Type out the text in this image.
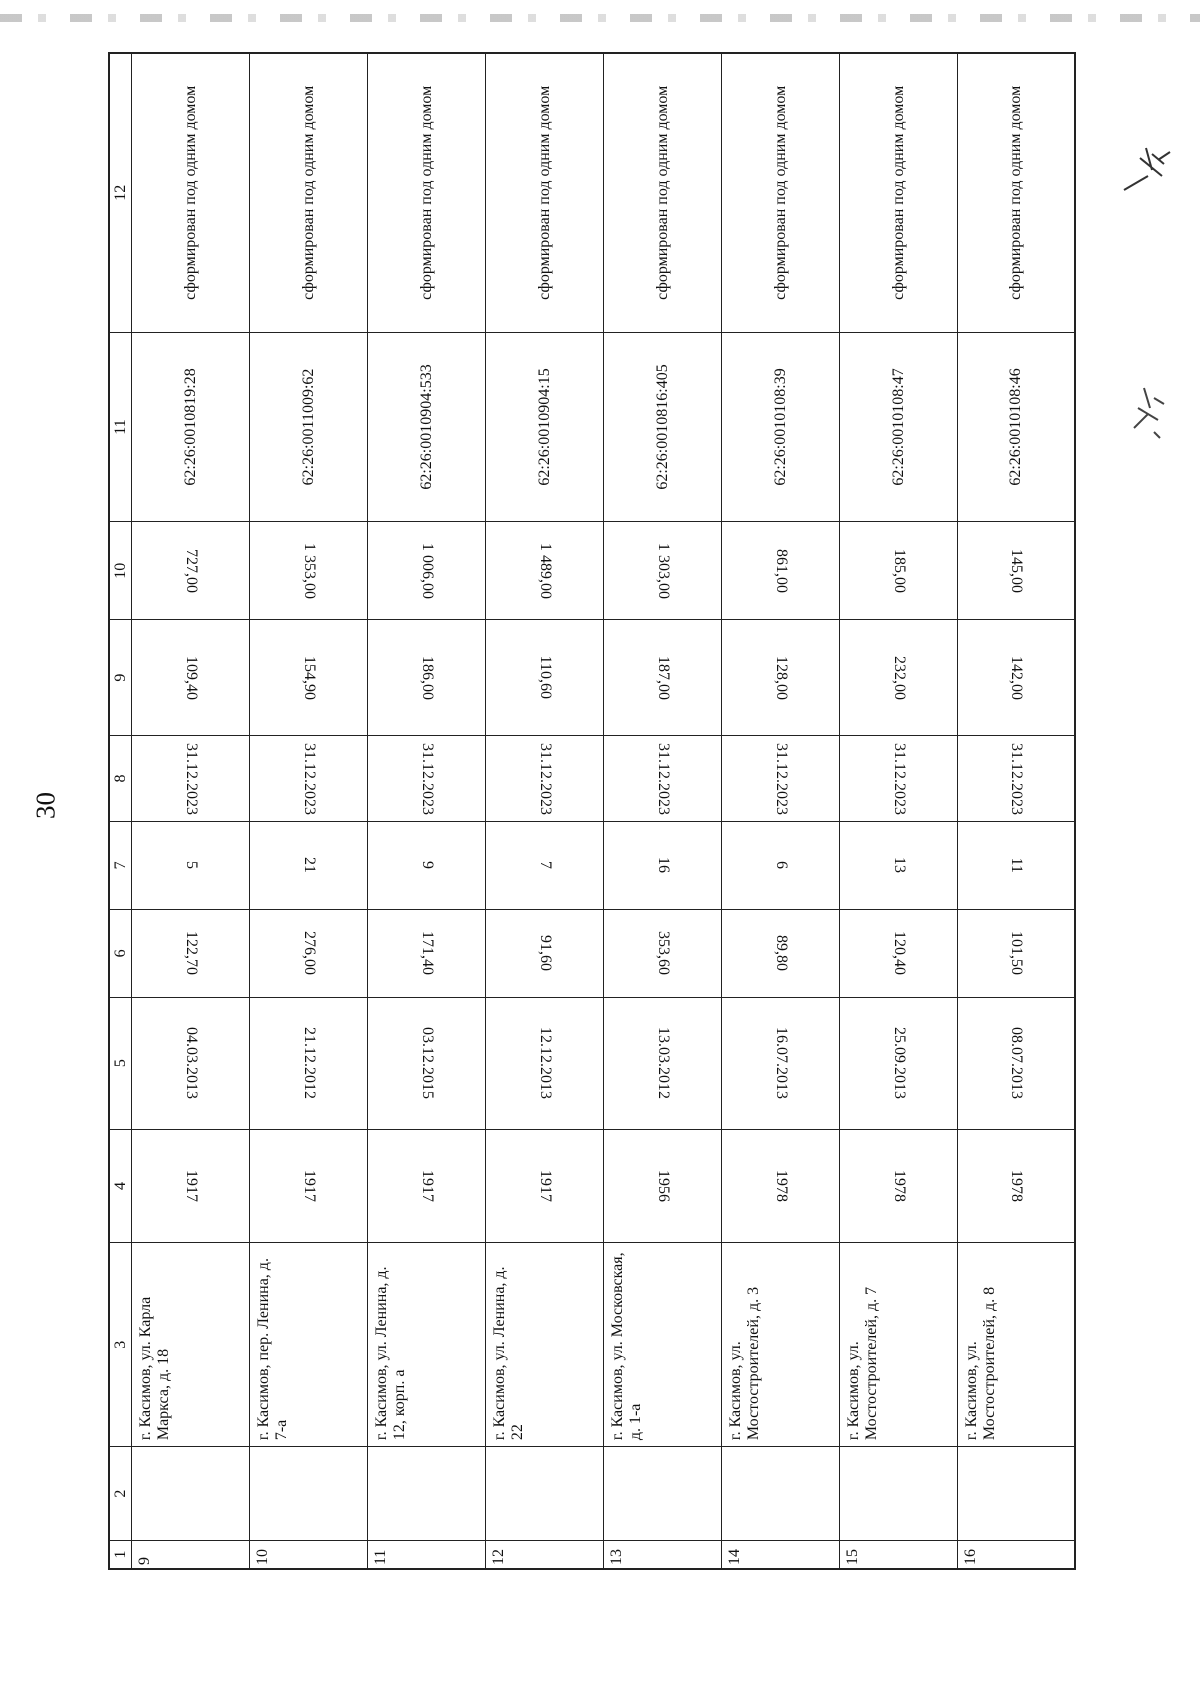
30
1
2
3
4
5
6
7
8
9
10
11
12
9
г. Касимов, ул. Карла Маркса, д. 18
1917
04.03.2013
122,70
5
31.12.2023
109,40
727,00
62:26:0010819:28
сформирован под одним домом
10
г. Касимов, пер. Ленина, д. 7-а
1917
21.12.2012
276,00
21
31.12.2023
154,90
1 353,00
62:26:0011009:62
сформирован под одним домом
11
г. Касимов, ул. Ленина, д. 12, корп. а
1917
03.12.2015
171,40
9
31.12.2023
186,00
1 006,00
62:26:0010904:533
сформирован под одним домом
12
г. Касимов, ул. Ленина, д. 22
1917
12.12.2013
91,60
7
31.12.2023
110,60
1 489,00
62:26:0010904:15
сформирован под одним домом
13
г. Касимов, ул. Московская, д. 1-а
1956
13.03.2012
353,60
16
31.12.2023
187,00
1 303,00
62:26:0010816:405
сформирован под одним домом
14
г. Касимов, ул. Мостостроителей, д. 3
1978
16.07.2013
89,80
6
31.12.2023
128,00
861,00
62:26:0010108:39
сформирован под одним домом
15
г. Касимов, ул. Мостостроителей, д. 7
1978
25.09.2013
120,40
13
31.12.2023
232,00
185,00
62:26:0010108:47
сформирован под одним домом
16
г. Касимов, ул. Мостостроителей, д. 8
1978
08.07.2013
101,50
11
31.12.2023
142,00
145,00
62:26:0010108:46
сформирован под одним домом
